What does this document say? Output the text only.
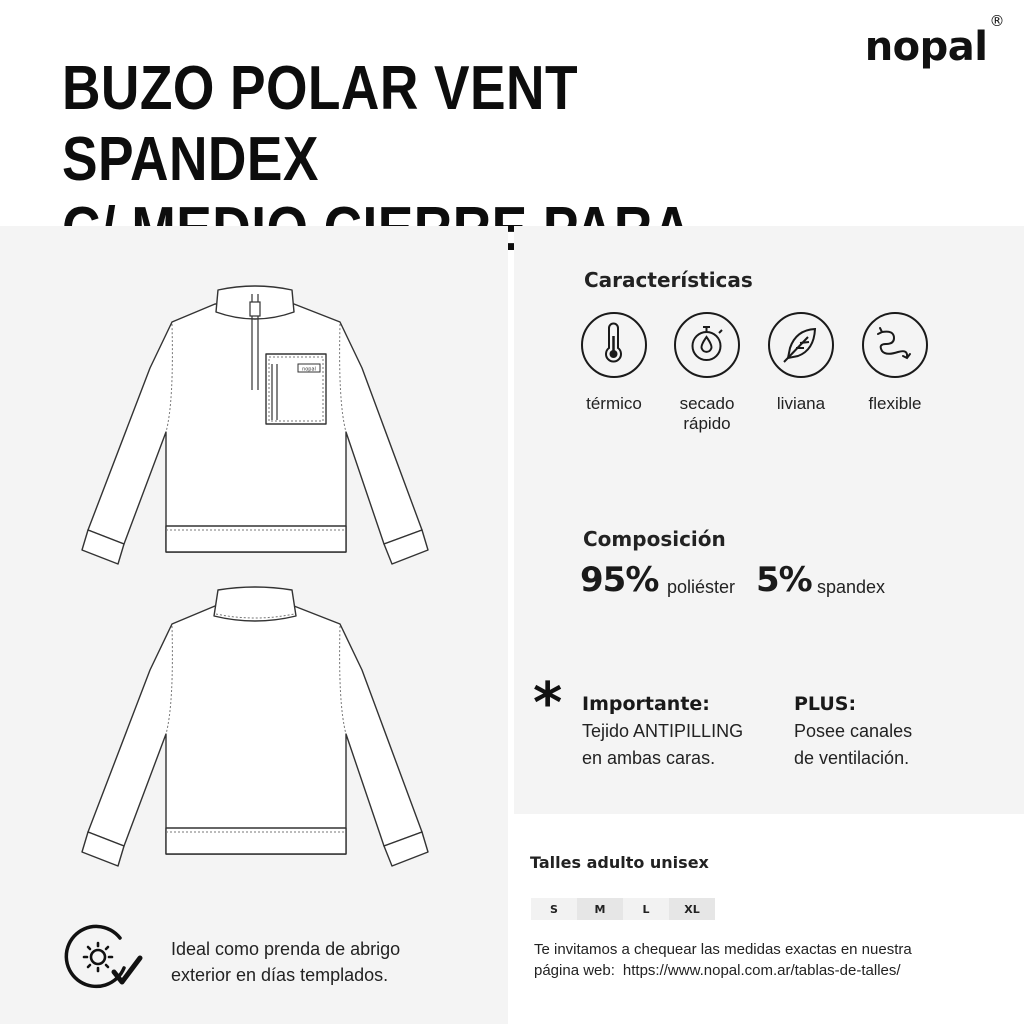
nopal®
BUZO POLAR VENT SPANDEX
nopal
Características
térmico	secado
rápido
liviana	flexible
Composición
95% poliéster 5% spandex
* Importante:
Tejido ANTIPILLING
en ambas caras.
PLUS:
Posee canales
de ventilación.
Talles adulto unisex
S	M	L	XL
Te invitamos a chequear las medidas exactas en nuestra
página web: https://www.nopal.com.ar/tablas-de-talles/
Ideal como prenda de abrigo
exterior en días templados.
